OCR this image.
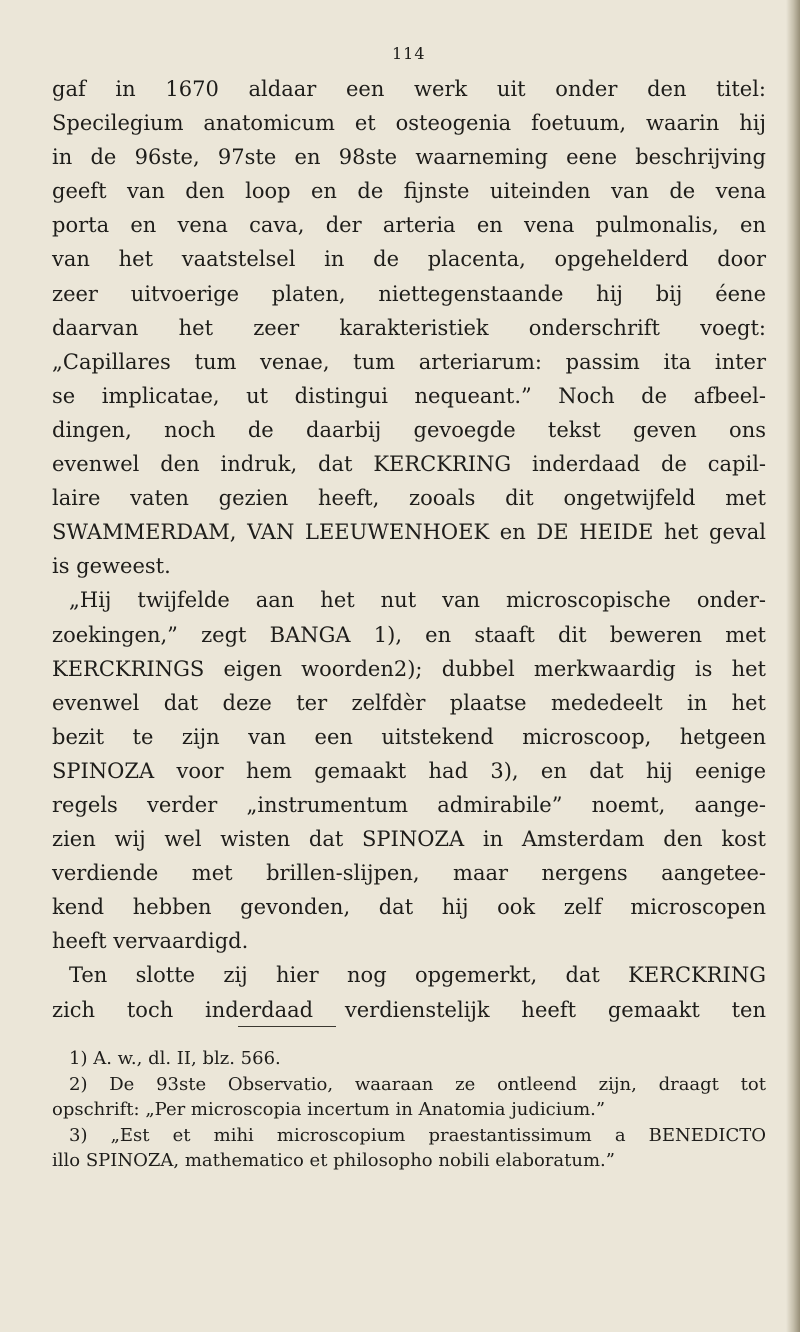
114
gaf in 1670 aldaar een werk uit onder den titel:
Specilegium anatomicum et osteogenia foetuum, waarin hij
in de 96ste, 97ste en 98ste waarneming eene beschrijving
geeft van den loop en de fijnste uiteinden van de vena
porta en vena cava, der arteria en vena pulmonalis, en
van het vaatstelsel in de placenta, opgehelderd door
zeer uitvoerige platen, niettegenstaande hij bij éene
daarvan het zeer karakteristiek onderschrift voegt:
„Capillares tum venae, tum arteriarum: passim ita inter
se implicatae, ut distingui nequeant.” Noch de afbeel-
dingen, noch de daarbij gevoegde tekst geven ons
evenwel den indruk, dat KERCKRING inderdaad de capil-
laire vaten gezien heeft, zooals dit ongetwijfeld met
SWAMMERDAM, VAN LEEUWENHOEK en DE HEIDE het geval
is geweest.
„Hij twijfelde aan het nut van microscopische onder-
zoekingen,” zegt BANGA 1), en staaft dit beweren met
KERCKRINGS eigen woorden2); dubbel merkwaardig is het
evenwel dat deze ter zelfdèr plaatse mededeelt in het
bezit te zijn van een uitstekend microscoop, hetgeen
SPINOZA voor hem gemaakt had 3), en dat hij eenige
regels verder „instrumentum admirabile” noemt, aange-
zien wij wel wisten dat SPINOZA in Amsterdam den kost
verdiende met brillen-slijpen, maar nergens aangetee-
kend hebben gevonden, dat hij ook zelf microscopen
heeft vervaardigd.
Ten slotte zij hier nog opgemerkt, dat KERCKRING
zich toch inderdaad verdienstelijk heeft gemaakt ten
1) A. w., dl. II, blz. 566.
2) De 93ste Observatio, waaraan ze ontleend zijn, draagt tot
opschrift: „Per microscopia incertum in Anatomia judicium.”
3) „Est et mihi microscopium praestantissimum a BENEDICTO
illo SPINOZA, mathematico et philosopho nobili elaboratum.”
